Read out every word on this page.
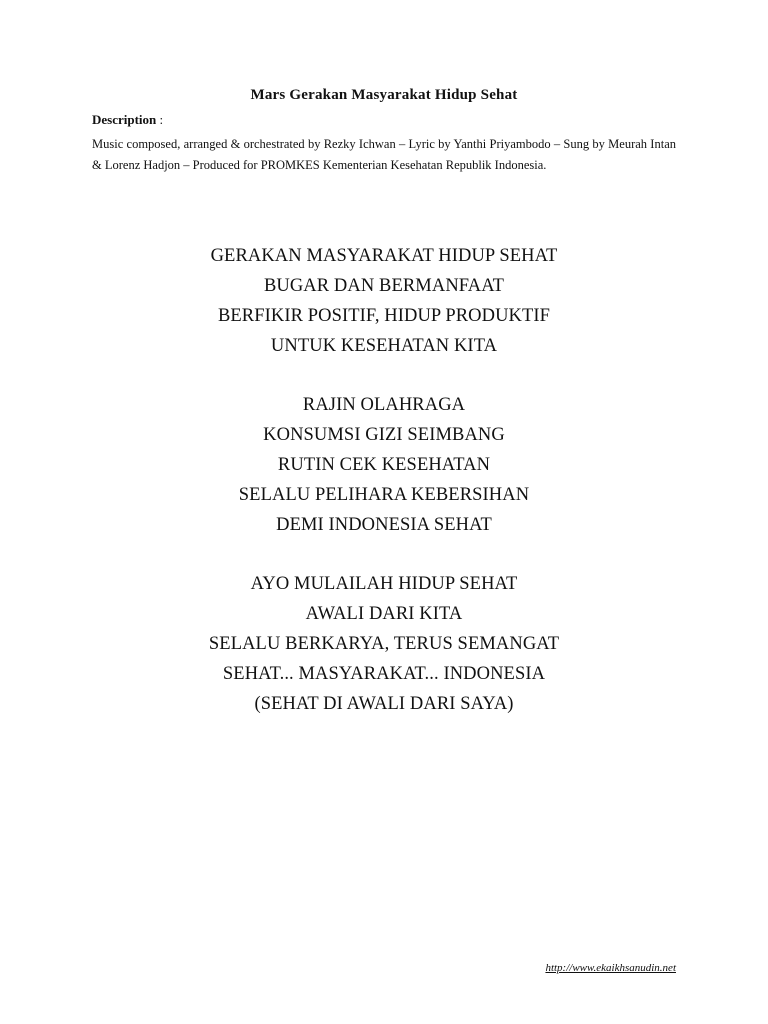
Mars Gerakan Masyarakat Hidup Sehat
Description :
Music composed, arranged & orchestrated by Rezky Ichwan – Lyric by Yanthi Priyambodo – Sung by Meurah Intan & Lorenz Hadjon – Produced for PROMKES Kementerian Kesehatan Republik Indonesia.
GERAKAN MASYARAKAT HIDUP SEHAT
BUGAR DAN BERMANFAAT
BERFIKIR POSITIF, HIDUP PRODUKTIF
UNTUK KESEHATAN KITA
RAJIN OLAHRAGA
KONSUMSI GIZI SEIMBANG
RUTIN CEK KESEHATAN
SELALU PELIHARA KEBERSIHAN
DEMI INDONESIA SEHAT
AYO MULAILAH HIDUP SEHAT
AWALI DARI KITA
SELALU BERKARYA, TERUS SEMANGAT
SEHAT... MASYARAKAT... INDONESIA
(SEHAT DI AWALI DARI SAYA)
http://www.ekaikhsanudin.net
